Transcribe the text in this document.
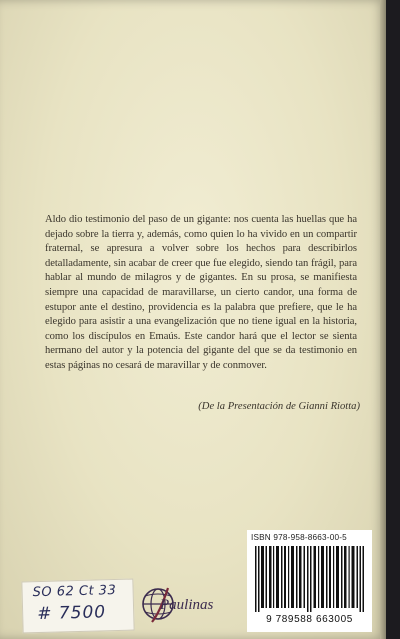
Aldo dio testimonio del paso de un gigante: nos cuenta las huellas que ha dejado sobre la tierra y, además, como quien lo ha vivido en un compartir fraternal, se apresura a volver sobre los hechos para describirlos detalladamente, sin acabar de creer que fue elegido, siendo tan frágil, para hablar al mundo de milagros y de gigantes. En su prosa, se manifiesta siempre una capacidad de maravillarse, un cierto candor, una forma de estupor ante el destino, providencia es la palabra que prefiere, que le ha elegido para asistir a una evangelización que no tiene igual en la historia, como los discípulos en Emaús. Este candor hará que el lector se sienta hermano del autor y la potencia del gigante del que se da testimonio en estas páginas no cesará de maravillar y de conmover.

(De la Presentación de Gianni Riotta)
SO 62 Ct 33
# 7500	Paulinas
ISBN 978-958-8663-00-5
9 789588 663005
